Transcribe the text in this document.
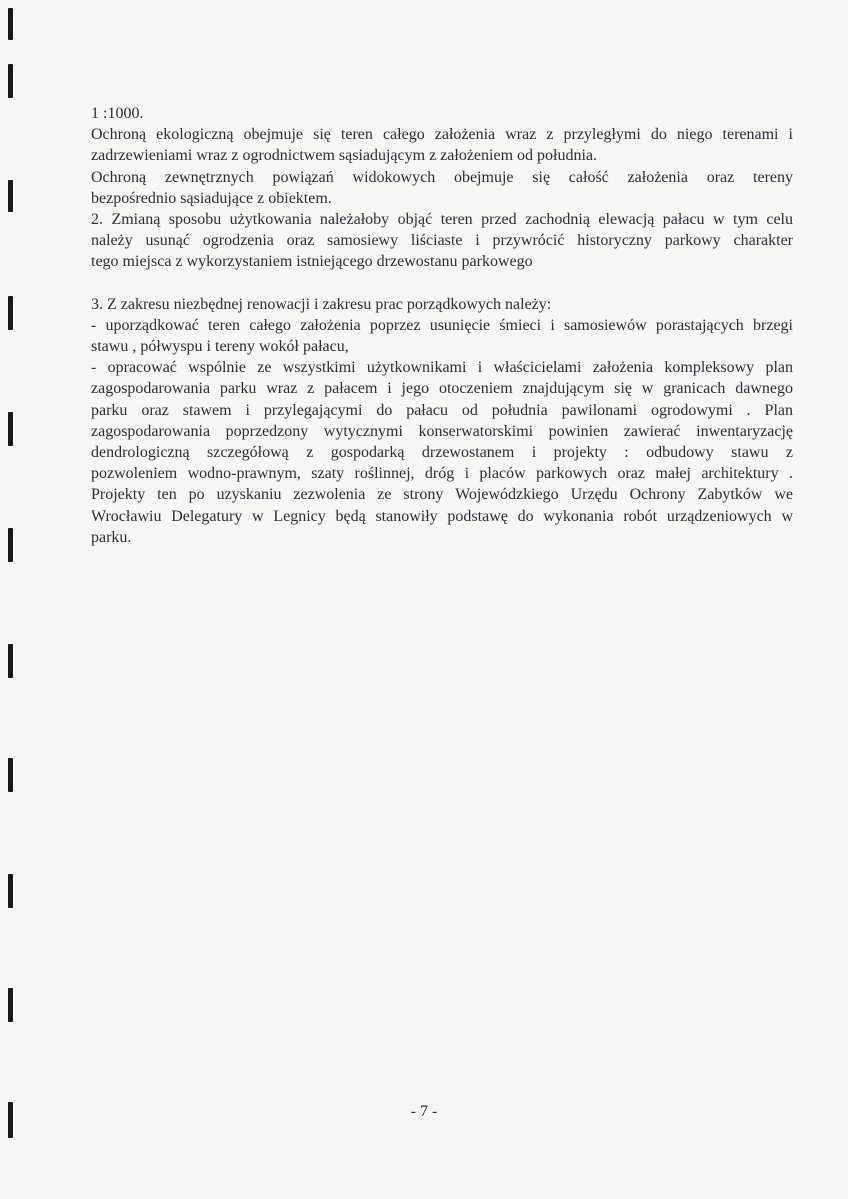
1 :1000.

Ochroną ekologiczną obejmuje się teren całego założenia wraz z przyległymi do niego terenami i

zadrzewieniami wraz z ogrodnictwem sąsiadującym z założeniem od południa.

Ochroną zewnętrznych powiązań widokowych obejmuje się całość założenia oraz tereny

bezpośrednio sąsiadujące z obiektem.

2. Zmianą sposobu użytkowania należałoby objąć teren przed zachodnią elewacją pałacu w tym celu

należy usunąć ogrodzenia oraz samosiewy liściaste i przywrócić historyczny parkowy charakter

tego miejsca z wykorzystaniem istniejącego drzewostanu parkowego

3. Z zakresu niezbędnej renowacji i zakresu prac porządkowych należy:

- uporządkować teren całego założenia poprzez usunięcie śmieci i samosiewów porastających brzegi

stawu , półwyspu i tereny wokół pałacu,

- opracować wspólnie ze wszystkimi użytkownikami i właścicielami założenia kompleksowy plan

zagospodarowania parku wraz z pałacem i jego otoczeniem znajdującym się w granicach dawnego

parku oraz stawem i przylegającymi do pałacu od południa pawilonami ogrodowymi . Plan

zagospodarowania poprzedzony wytycznymi konserwatorskimi powinien zawierać inwentaryzację

dendrologiczną szczegółową z gospodarką drzewostanem i projekty : odbudowy stawu z

pozwoleniem wodno-prawnym, szaty roślinnej, dróg i placów parkowych oraz małej architektury .

Projekty ten po uzyskaniu zezwolenia ze strony Wojewódzkiego Urzędu Ochrony Zabytków we

Wrocławiu Delegatury w Legnicy będą stanowiły podstawę do wykonania robót urządzeniowych w

parku.

- 7 -
